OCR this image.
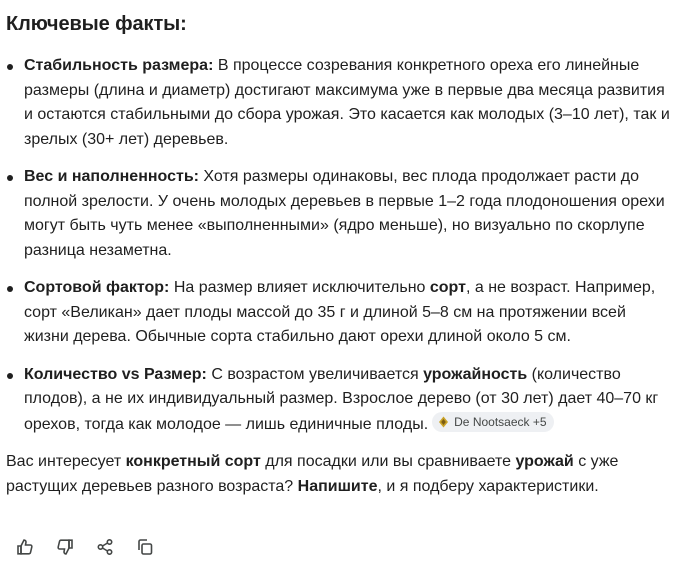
Ключевые факты:
Стабильность размера: В процессе созревания конкретного ореха его линейные размеры (длина и диаметр) достигают максимума уже в первые два месяца развития и остаются стабильными до сбора урожая. Это касается как молодых (3–10 лет), так и зрелых (30+ лет) деревьев.
Вес и наполненность: Хотя размеры одинаковы, вес плода продолжает расти до полной зрелости. У очень молодых деревьев в первые 1–2 года плодоношения орехи могут быть чуть менее «выполненными» (ядро меньше), но визуально по скорлупе разница незаметна.
Сортовой фактор: На размер влияет исключительно сорт, а не возраст. Например, сорт «Великан» дает плоды массой до 35 г и длиной 5–8 см на протяжении всей жизни дерева. Обычные сорта стабильно дают орехи длиной около 5 см.
Количество vs Размер: С возрастом увеличивается урожайность (количество плодов), а не их индивидуальный размер. Взрослое дерево (от 30 лет) дает 40–70 кг орехов, тогда как молодое — лишь единичные плоды. De Nootsaeck +5
Вас интересует конкретный сорт для посадки или вы сравниваете урожай с уже растущих деревьев разного возраста? Напишите, и я подберу характеристики.
